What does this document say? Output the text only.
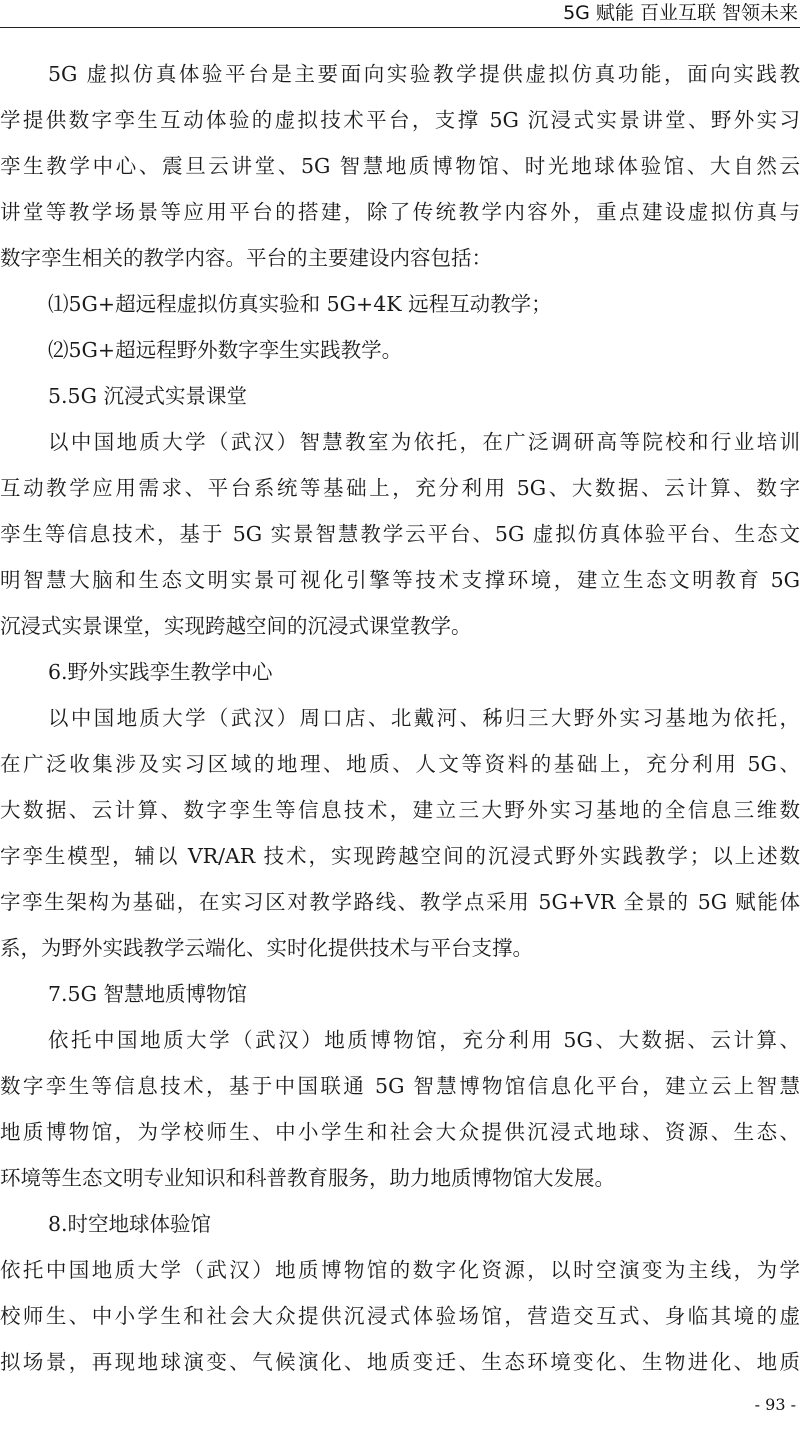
5G 赋能 百业互联 智领未来
5G 虚拟仿真体验平台是主要面向实验教学提供虚拟仿真功能，面向实践教
学提供数字孪生互动体验的虚拟技术平台，支撑 5G 沉浸式实景讲堂、野外实习
孪生教学中心、震旦云讲堂、5G 智慧地质博物馆、时光地球体验馆、大自然云
讲堂等教学场景等应用平台的搭建，除了传统教学内容外，重点建设虚拟仿真与
数字孪生相关的教学内容。平台的主要建设内容包括：
⑴5G+超远程虚拟仿真实验和 5G+4K 远程互动教学；
⑵5G+超远程野外数字孪生实践教学。
5.5G 沉浸式实景课堂
以中国地质大学（武汉）智慧教室为依托，在广泛调研高等院校和行业培训
互动教学应用需求、平台系统等基础上，充分利用 5G、大数据、云计算、数字
孪生等信息技术，基于 5G 实景智慧教学云平台、5G 虚拟仿真体验平台、生态文
明智慧大脑和生态文明实景可视化引擎等技术支撑环境，建立生态文明教育 5G
沉浸式实景课堂，实现跨越空间的沉浸式课堂教学。
6.野外实践孪生教学中心
以中国地质大学（武汉）周口店、北戴河、秭归三大野外实习基地为依托，
在广泛收集涉及实习区域的地理、地质、人文等资料的基础上，充分利用 5G、
大数据、云计算、数字孪生等信息技术，建立三大野外实习基地的全信息三维数
字孪生模型，辅以 VR/AR 技术，实现跨越空间的沉浸式野外实践教学；以上述数
字孪生架构为基础，在实习区对教学路线、教学点采用 5G+VR 全景的 5G 赋能体
系，为野外实践教学云端化、实时化提供技术与平台支撑。
7.5G 智慧地质博物馆
依托中国地质大学（武汉）地质博物馆，充分利用 5G、大数据、云计算、
数字孪生等信息技术，基于中国联通 5G 智慧博物馆信息化平台，建立云上智慧
地质博物馆，为学校师生、中小学生和社会大众提供沉浸式地球、资源、生态、
环境等生态文明专业知识和科普教育服务，助力地质博物馆大发展。
8.时空地球体验馆
依托中国地质大学（武汉）地质博物馆的数字化资源，以时空演变为主线，为学
校师生、中小学生和社会大众提供沉浸式体验场馆，营造交互式、身临其境的虚
拟场景，再现地球演变、气候演化、地质变迁、生态环境变化、生物进化、地质
- 93 -
